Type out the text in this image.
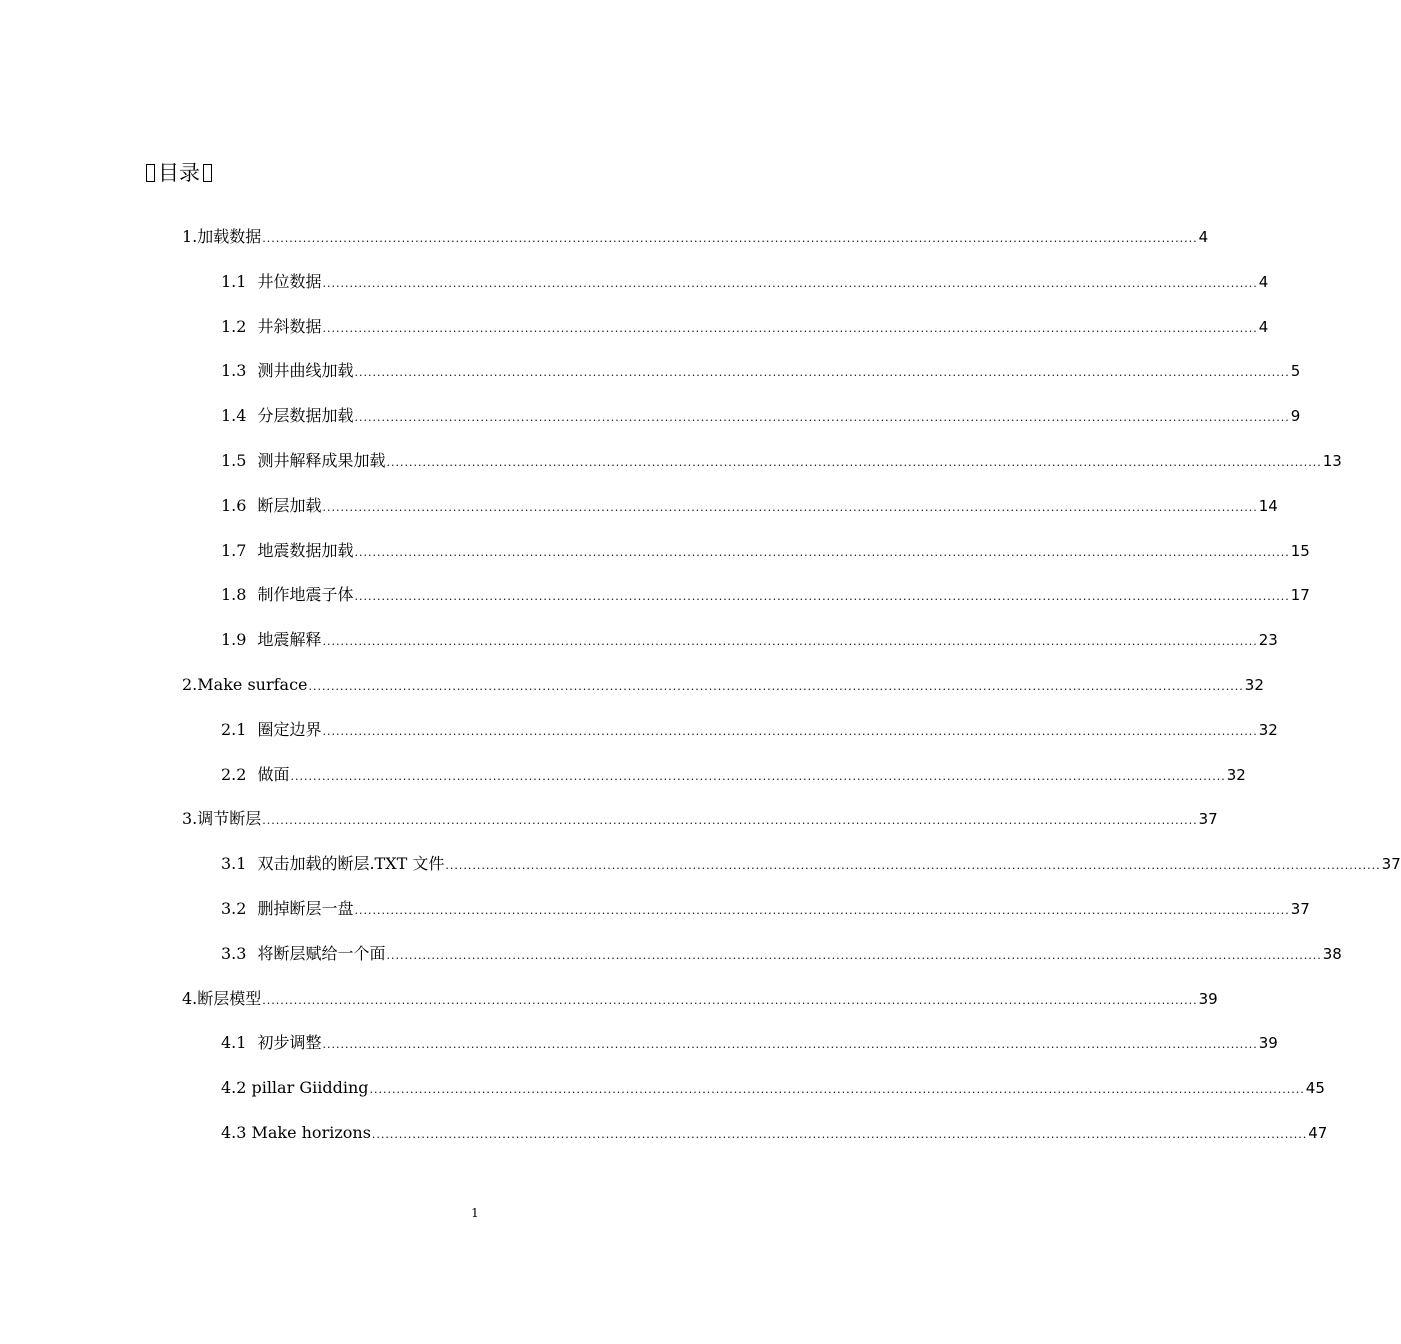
目录
1. 加载数据 ................................................................................................................................................................................................................ 4
1.1 井位数据 ................................................................................................................................................................................................................ 4
1.2 井斜数据 ................................................................................................................................................................................................................ 4
1.3 测井曲线加载 ................................................................................................................................................................................................................ 5
1.4 分层数据加载 ................................................................................................................................................................................................................ 9
1.5 测井解释成果加载 ................................................................................................................................................................................................................ 13
1.6 断层加载 ................................................................................................................................................................................................................ 14
1.7 地震数据加载 ................................................................................................................................................................................................................ 15
1.8 制作地震子体 ................................................................................................................................................................................................................ 17
1.9 地震解释 ................................................................................................................................................................................................................ 23
2. Make surface ................................................................................................................................................................................................................ 32
2.1 圈定边界 ................................................................................................................................................................................................................ 32
2.2 做面 ................................................................................................................................................................................................................ 32
3. 调节断层 ................................................................................................................................................................................................................ 37
3.1 双击加载的断层.TXT 文件 ................................................................................................................................................................................................................ 37
3.2 删掉断层一盘 ................................................................................................................................................................................................................ 37
3.3 将断层赋给一个面 ................................................................................................................................................................................................................ 38
4. 断层模型 ................................................................................................................................................................................................................ 39
4.1 初步调整 ................................................................................................................................................................................................................ 39
4.2 pillar Giidding ................................................................................................................................................................................................................ 45
4.3 Make horizons ................................................................................................................................................................................................................ 47
1
